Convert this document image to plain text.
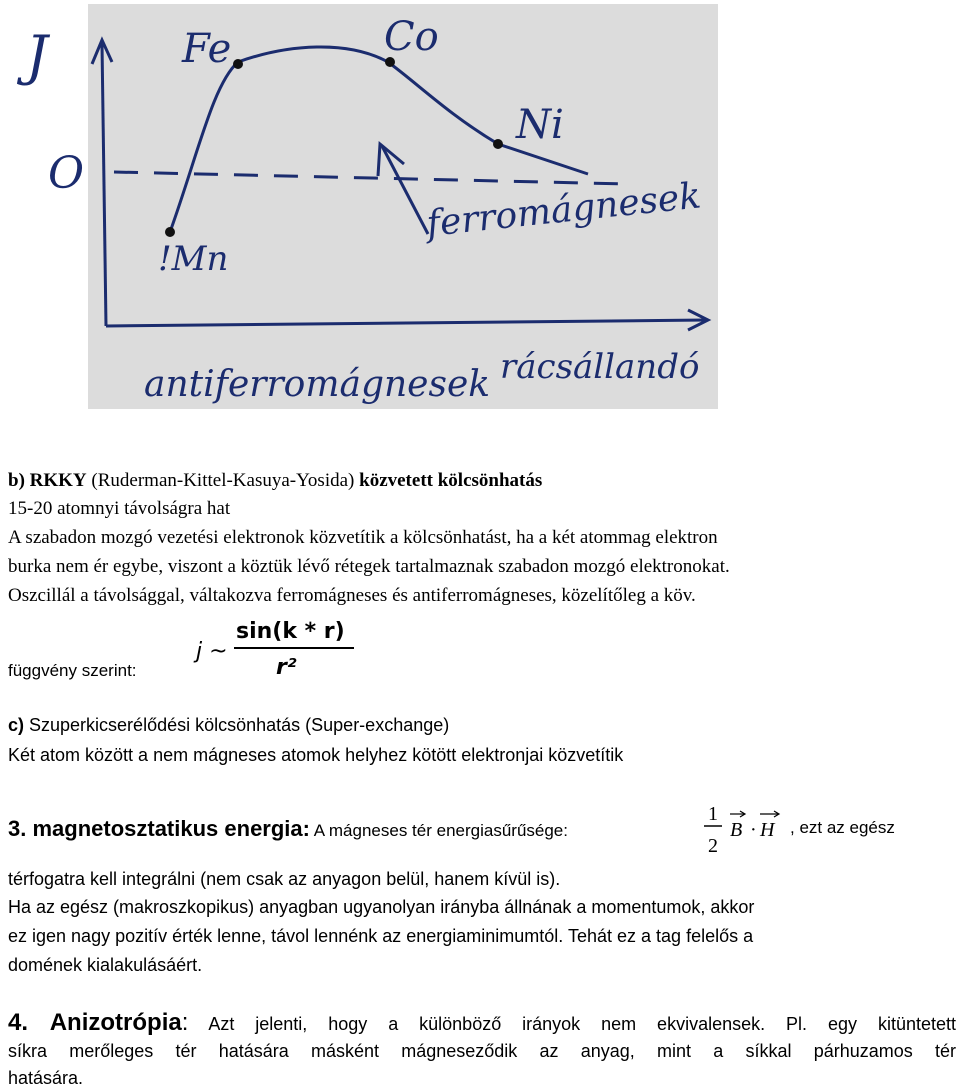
J
O
Fe	Co
Ni
!Mn
ferromágnesek
antiferromágnesek rácsállandó
b) RKKY (Ruderman-Kittel-Kasuya-Yosida) közvetett kölcsönhatás
15-20 atomnyi távolságra hat
A szabadon mozgó vezetési elektronok közvetítik a kölcsönhatást, ha a két atommag elektron
burka nem ér egybe, viszont a köztük lévő rétegek tartalmaznak szabadon mozgó elektronokat.
Oszcillál a távolsággal, váltakozva ferromágneses és antiferromágneses, közelítőleg a köv.
függvény szerint:
j ~
sin(k * r)
r²
c) Szuperkicserélődési kölcsönhatás (Super-exchange)
Két atom között a nem mágneses atomok helyhez kötött elektronjai közvetítik
3. magnetosztatikus energia: A mágneses tér energiasűrűsége:
1
2
B · H , ezt az egész
térfogatra kell integrálni (nem csak az anyagon belül, hanem kívül is).
Ha az egész (makroszkopikus) anyagban ugyanolyan irányba állnának a momentumok, akkor
ez igen nagy pozitív érték lenne, távol lennénk az energiaminimumtól. Tehát ez a tag felelős a
domének kialakulásáért.
4. Anizotrópia: Azt jelenti, hogy a különböző irányok nem ekvivalensek. Pl. egy kitüntetett
síkra merőleges tér hatására másként mágneseződik az anyag, mint a síkkal párhuzamos tér
hatására.
